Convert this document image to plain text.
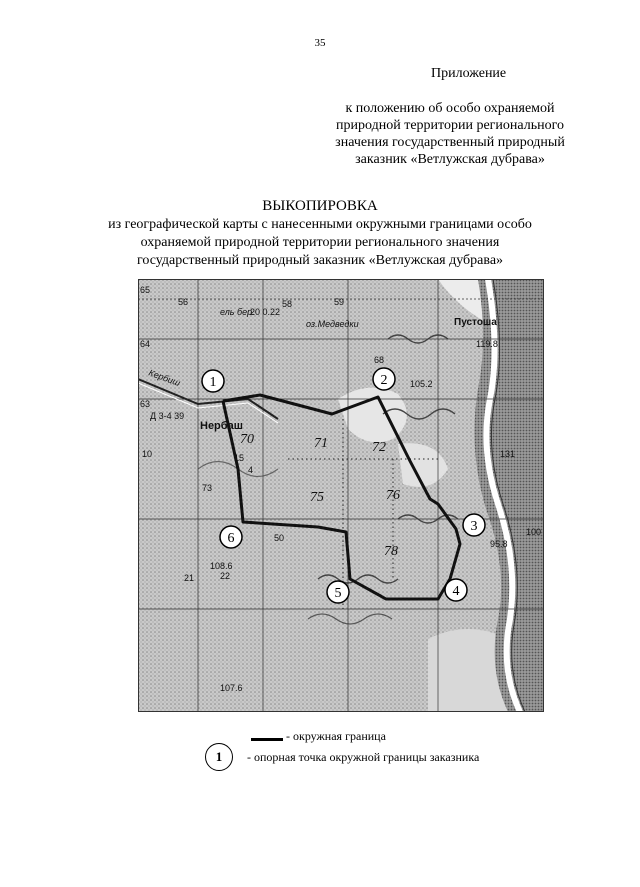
35
Приложение
к положению об особо охраняемой
природной территории регионального
значения государственный природный
заказник «Ветлужская дубрава»
ВЫКОПИРОВКА
из географической карты с нанесенными окружными границами особо
охраняемой природной территории регионального значения
государственный природный заказник «Ветлужская дубрава»
1	2
3
4
5
6
70	71	72
75	76
78
Нербаш
Пустоша
Кербиш
оз.Медведки
ель бер.
20 0.22
Д 3-4 39
105.2
119.8
95.8
108.6
107.6
56	58	59
65
64
63
10
21	22
73
68
131
100
50
15
4
- окружная граница
1	- опорная точка окружной границы заказника
